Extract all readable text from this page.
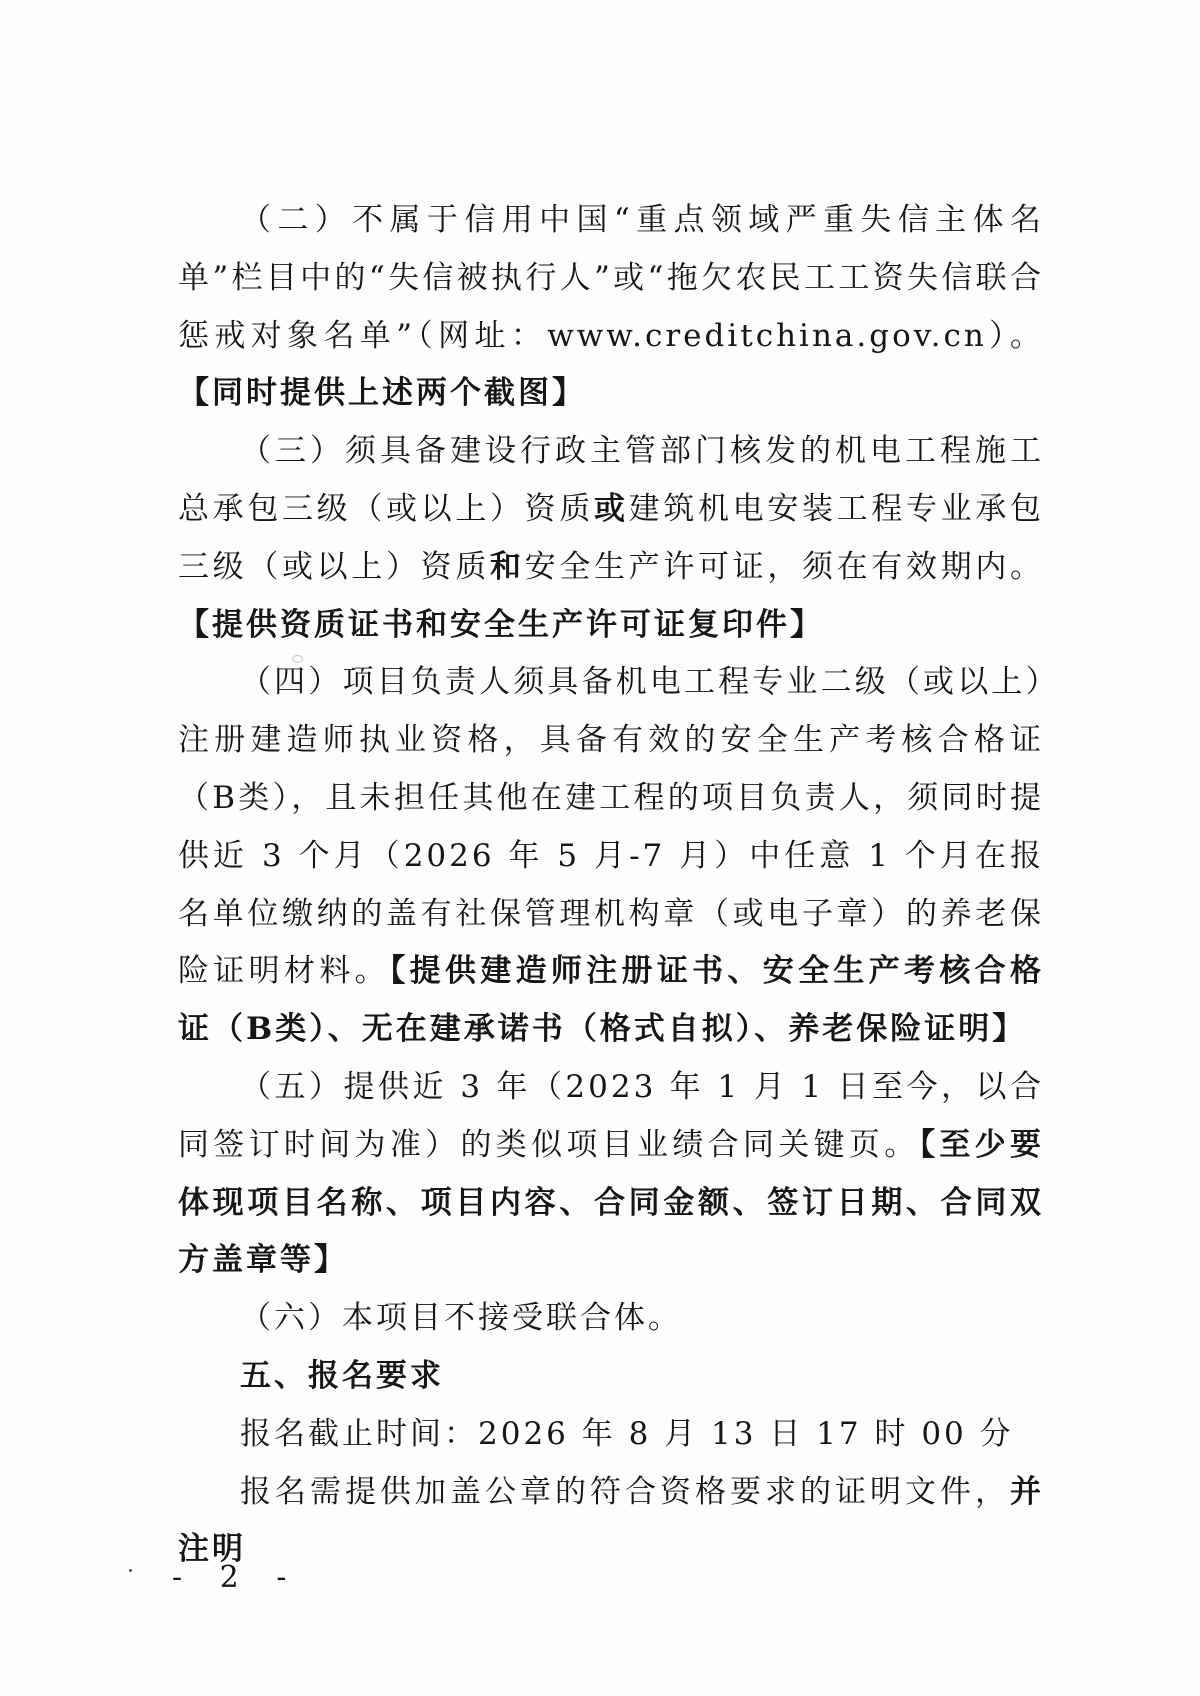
（二）不属于信用中国“重点领域严重失信主体名单”栏目中的“失信被执行人”或“拖欠农民工工资失信联合惩戒对象名单”（网址：www.creditchina.gov.cn）。【同时提供上述两个截图】

（三）须具备建设行政主管部门核发的机电工程施工总承包三级（或以上）资质或建筑机电安装工程专业承包三级（或以上）资质和安全生产许可证，须在有效期内。【提供资质证书和安全生产许可证复印件】

（四）项目负责人须具备机电工程专业二级（或以上）注册建造师执业资格，具备有效的安全生产考核合格证（B类），且未担任其他在建工程的项目负责人，须同时提供近 3 个月（2026 年 5 月-7 月）中任意 1 个月在报名单位缴纳的盖有社保管理机构章（或电子章）的养老保险证明材料。【提供建造师注册证书、安全生产考核合格证（B类）、无在建承诺书（格式自拟）、养老保险证明】

（五）提供近 3 年（2023 年 1 月 1 日至今，以合同签订时间为准）的类似项目业绩合同关键页。【至少要体现项目名称、项目内容、合同金额、签订日期、合同双方盖章等】

（六）本项目不接受联合体。

五、报名要求

报名截止时间：2026 年 8 月 13 日 17 时 00 分

报名需提供加盖公章的符合资格要求的证明文件，并注明

- 2 -
